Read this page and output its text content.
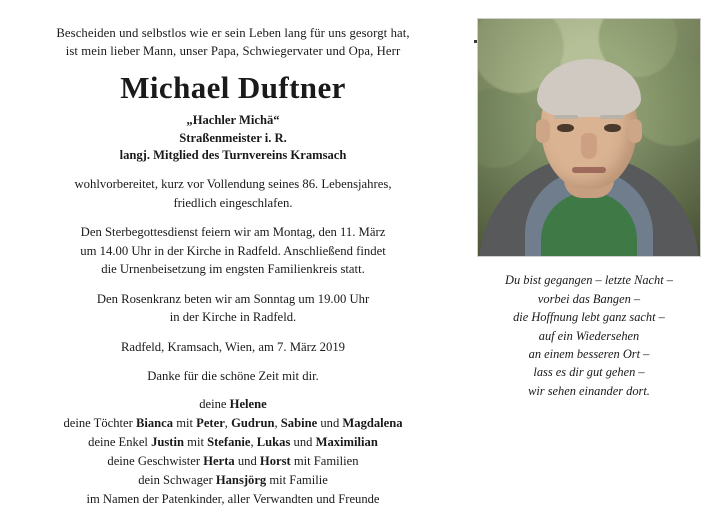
Bescheiden und selbstlos wie er sein Leben lang für uns gesorgt hat,
ist mein lieber Mann, unser Papa, Schwiegervater und Opa, Herr
Michael Duftner
„Hachler Michä“
Straßenmeister i. R.
langj. Mitglied des Turnvereins Kramsach
wohlvorbereitet, kurz vor Vollendung seines 86. Lebensjahres,
friedlich eingeschlafen.
Den Sterbegottesdienst feiern wir am Montag, den 11. März
um 14.00 Uhr in der Kirche in Radfeld. Anschließend findet
die Urnenbeisetzung im engsten Familienkreis statt.
Den Rosenkranz beten wir am Sonntag um 19.00 Uhr
in der Kirche in Radfeld.
Radfeld, Kramsach, Wien, am 7. März 2019
Danke für die schöne Zeit mit dir.
deine Helene
deine Töchter Bianca mit Peter, Gudrun, Sabine und Magdalena
deine Enkel Justin mit Stefanie, Lukas und Maximilian
deine Geschwister Herta und Horst mit Familien
dein Schwager Hansjörg mit Familie
im Namen der Patenkinder, aller Verwandten und Freunde
Du bist gegangen – letzte Nacht –
vorbei das Bangen –
die Hoffnung lebt ganz sacht –
auf ein Wiedersehen
an einem besseren Ort –
lass es dir gut gehen –
wir sehen einander dort.
